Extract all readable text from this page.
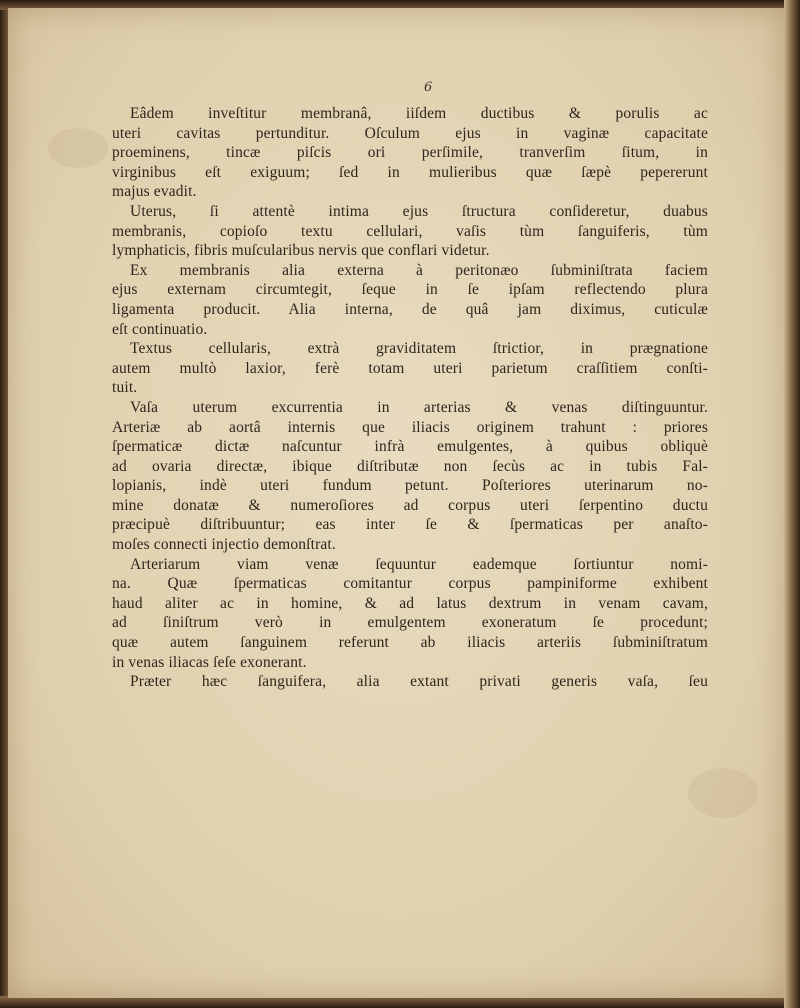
6
Eâdem inveſtitur membranâ, iiſdem ductibus & porulis ac
uteri cavitas pertunditur. Oſculum ejus in vaginæ capacitate
proeminens, tincæ piſcis ori perſimile, tranverſim ſitum, in
virginibus eſt exiguum; ſed in mulieribus quæ ſæpè pepererunt
majus evadit.
Uterus, ſi attentè intima ejus ſtructura conſideretur, duabus
membranis, copioſo textu cellulari, vaſis tùm ſanguiferis, tùm
lymphaticis, fibris muſcularibus nervis que conflari videtur.
Ex membranis alia externa à peritonæo ſubminiſtrata faciem
ejus externam circumtegit, ſeque in ſe ipſam reflectendo plura
ligamenta producit. Alia interna, de quâ jam diximus, cuticulæ
eſt continuatio.
Textus cellularis, extrà graviditatem ſtrictior, in prægnatione
autem multò laxior, ferè totam uteri parietum craſſitiem conſti-
tuit.
Vaſa uterum excurrentia in arterias & venas diſtinguuntur.
Arteriæ ab aortâ internis que iliacis originem trahunt : priores
ſpermaticæ dictæ naſcuntur infrà emulgentes, à quibus obliquè
ad ovaria directæ, ibique diſtributæ non ſecùs ac in tubis Fal-
lopianis, indè uteri fundum petunt. Poſteriores uterinarum no-
mine donatæ & numeroſiores ad corpus uteri ſerpentino ductu
præcipuè diſtribuuntur; eas inter ſe & ſpermaticas per anaſto-
moſes connecti injectio demonſtrat.
Arteriarum viam venæ ſequuntur eademque ſortiuntur nomi-
na. Quæ ſpermaticas comitantur corpus pampiniforme exhibent
haud aliter ac in homine, & ad latus dextrum in venam cavam,
ad ſiniſtrum verò in emulgentem exoneratum ſe procedunt;
quæ autem ſanguinem referunt ab iliacis arteriis ſubminiſtratum
in venas iliacas ſeſe exonerant.
Præter hæc ſanguifera, alia extant privati generis vaſa, ſeu
